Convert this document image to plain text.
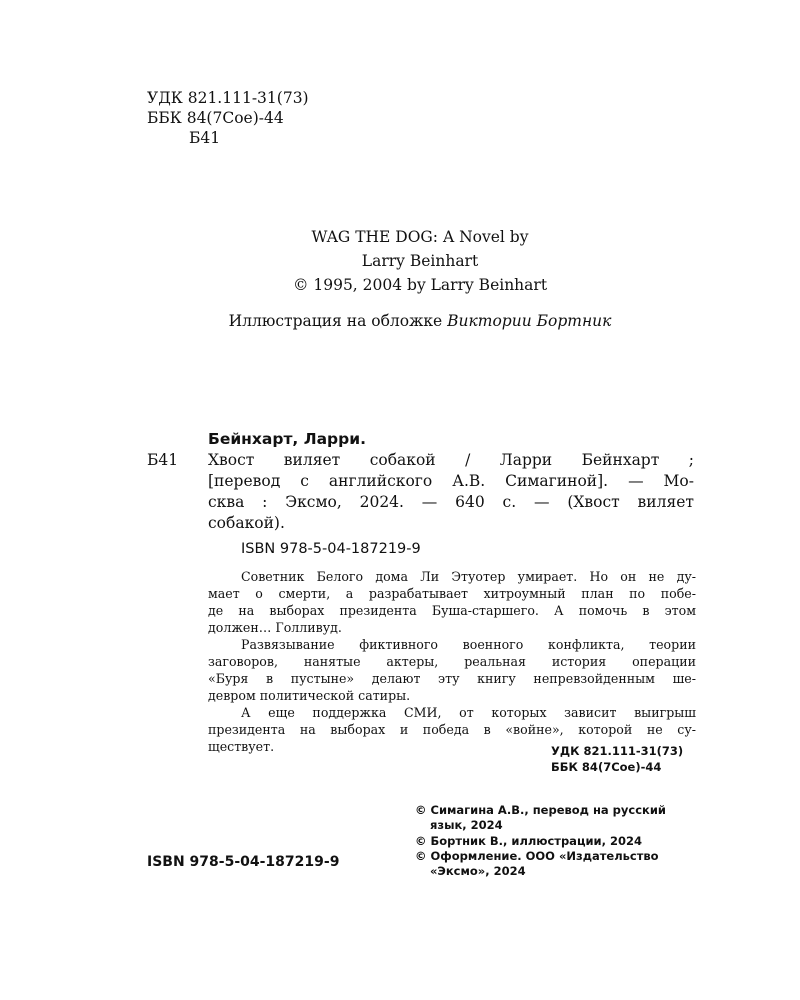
УДК 821.111-31(73)
ББК 84(7Сое)-44
Б41
WAG THE DOG: A Novel by
Larry Beinhart
© 1995, 2004 by Larry Beinhart
Иллюстрация на обложке Виктории Бортник
Бейнхарт, Ларри.
Б41 Хвост виляет собакой / Ларри Бейнхарт ;
[перевод с английского А.В. Симагиной]. — Мо-
сква : Эксмо, 2024. — 640 с. — (Хвост виляет
собакой).
ISBN 978-5-04-187219-9
Советник Белого дома Ли Этуотер умирает. Но он не ду-
мает о смерти, а разрабатывает хитроумный план по побе-
де на выборах президента Буша-старшего. А помочь в этом
должен… Голливуд.
Развязывание фиктивного военного конфликта, теории
заговоров, нанятые актеры, реальная история операции
«Буря в пустыне» делают эту книгу непревзойденным ше-
девром политической сатиры.
А еще поддержка СМИ, от которых зависит выигрыш
президента на выборах и победа в «войне», которой не су-
ществует.	УДК 821.111-31(73)
ББК 84(7Сое)-44
© Симагина А.В., перевод на русский
язык, 2024
© Бортник В., иллюстрации, 2024
© Оформление. ООО «Издательство
«Эксмо», 2024
ISBN 978-5-04-187219-9
